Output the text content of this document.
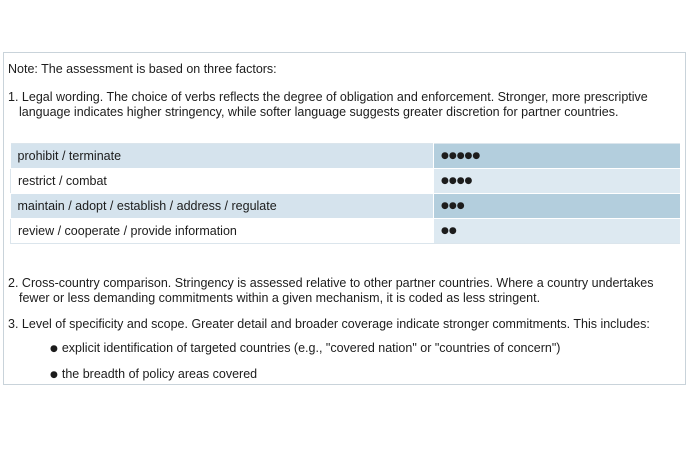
Note: The assessment is based on three factors:
1. Legal wording. The choice of verbs reflects the degree of obligation and enforcement. Stronger, more prescriptive
language indicates higher stringency, while softer language suggests greater discretion for partner countries.
prohibit / terminate	●●●●●
restrict / combat	●●●●
maintain / adopt / establish / address / regulate	●●●
review / cooperate / provide information	●●
2. Cross-country comparison. Stringency is assessed relative to other partner countries. Where a country undertakes
fewer or less demanding commitments within a given mechanism, it is coded as less stringent.
3. Level of specificity and scope. Greater detail and broader coverage indicate stronger commitments. This includes:
● explicit identification of targeted countries (e.g., "covered nation" or "countries of concern")
● the breadth of policy areas covered
